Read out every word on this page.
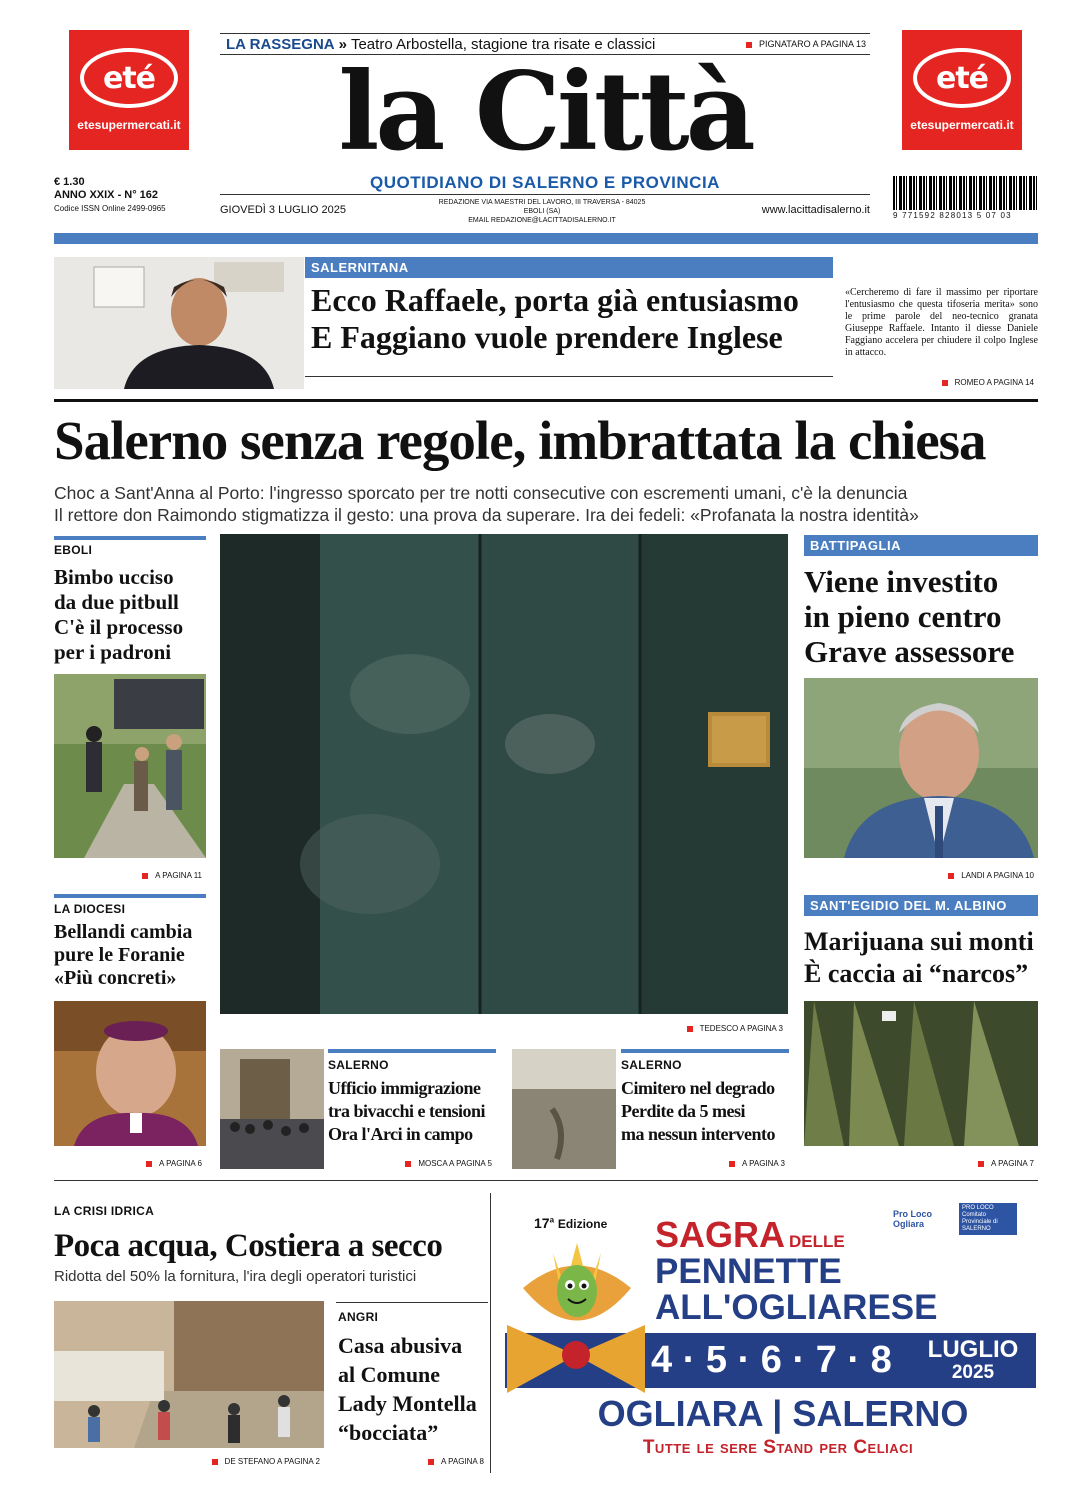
eté
etesupermercati.it
eté
etesupermercati.it
LA RASSEGNA » Teatro Arbostella, stagione tra risate e classici	PIGNATARO A PAGINA 13
la Città
QUOTIDIANO DI SALERNO E PROVINCIA
€ 1.30
ANNO XXIX - N° 162
Codice ISSN Online 2499-0965	GIOVEDÌ 3 LUGLIO 2025
REDAZIONE VIA MAESTRI DEL LAVORO, III TRAVERSA - 84025 EBOLI (SA)
EMAIL REDAZIONE@LACITTADISALERNO.IT
www.lacittadisalerno.it	9 771592 828013 5 07 03
SALERNITANA
Ecco Raffaele, porta già entusiasmo
E Faggiano vuole prendere Inglese
«Cercheremo di fare il massimo per riportare l'entusiasmo che questa tifoseria merita» sono le prime parole del neo-tecnico granata Giuseppe Raffaele. Intanto il diesse Daniele Faggiano accelera per chiudere il colpo Inglese in attacco.
ROMEO A PAGINA 14
Salerno senza regole, imbrattata la chiesa
Choc a Sant'Anna al Porto: l'ingresso sporcato per tre notti consecutive con escrementi umani, c'è la denuncia
Il rettore don Raimondo stigmatizza il gesto: una prova da superare. Ira dei fedeli: «Profanata la nostra identità»
TEDESCO A PAGINA 3
EBOLI
Bimbo ucciso
da due pitbull
C'è il processo
per i padroni
A PAGINA 11
LA DIOCESI
Bellandi cambia
pure le Foranie
«Più concreti»
A PAGINA 6
BATTIPAGLIA
Viene investito
in pieno centro
Grave assessore
LANDI A PAGINA 10
SANT'EGIDIO DEL M. ALBINO
Marijuana sui monti
È caccia ai “narcos”
A PAGINA 7
SALERNO
Ufficio immigrazione
tra bivacchi e tensioni
Ora l'Arci in campo
MOSCA A PAGINA 5
SALERNO
Cimitero nel degrado
Perdite da 5 mesi
ma nessun intervento
A PAGINA 3
LA CRISI IDRICA
Poca acqua, Costiera a secco
Ridotta del 50% la fornitura, l'ira degli operatori turistici
DE STEFANO A PAGINA 2
ANGRI
Casa abusiva
al Comune
Lady Montella
“bocciata”
A PAGINA 8
17$^a$ Edizione
Pro Loco Ogliara
PRO LOCO
Comitato Provinciale di SALERNO
SAGRA DELLE
PENNETTE
ALL'OGLIARESE
4 · 5 · 6 · 7 · 8	LUGLIO
2025
OGLIARA | SALERNO
Tutte le sere Stand per Celiaci
